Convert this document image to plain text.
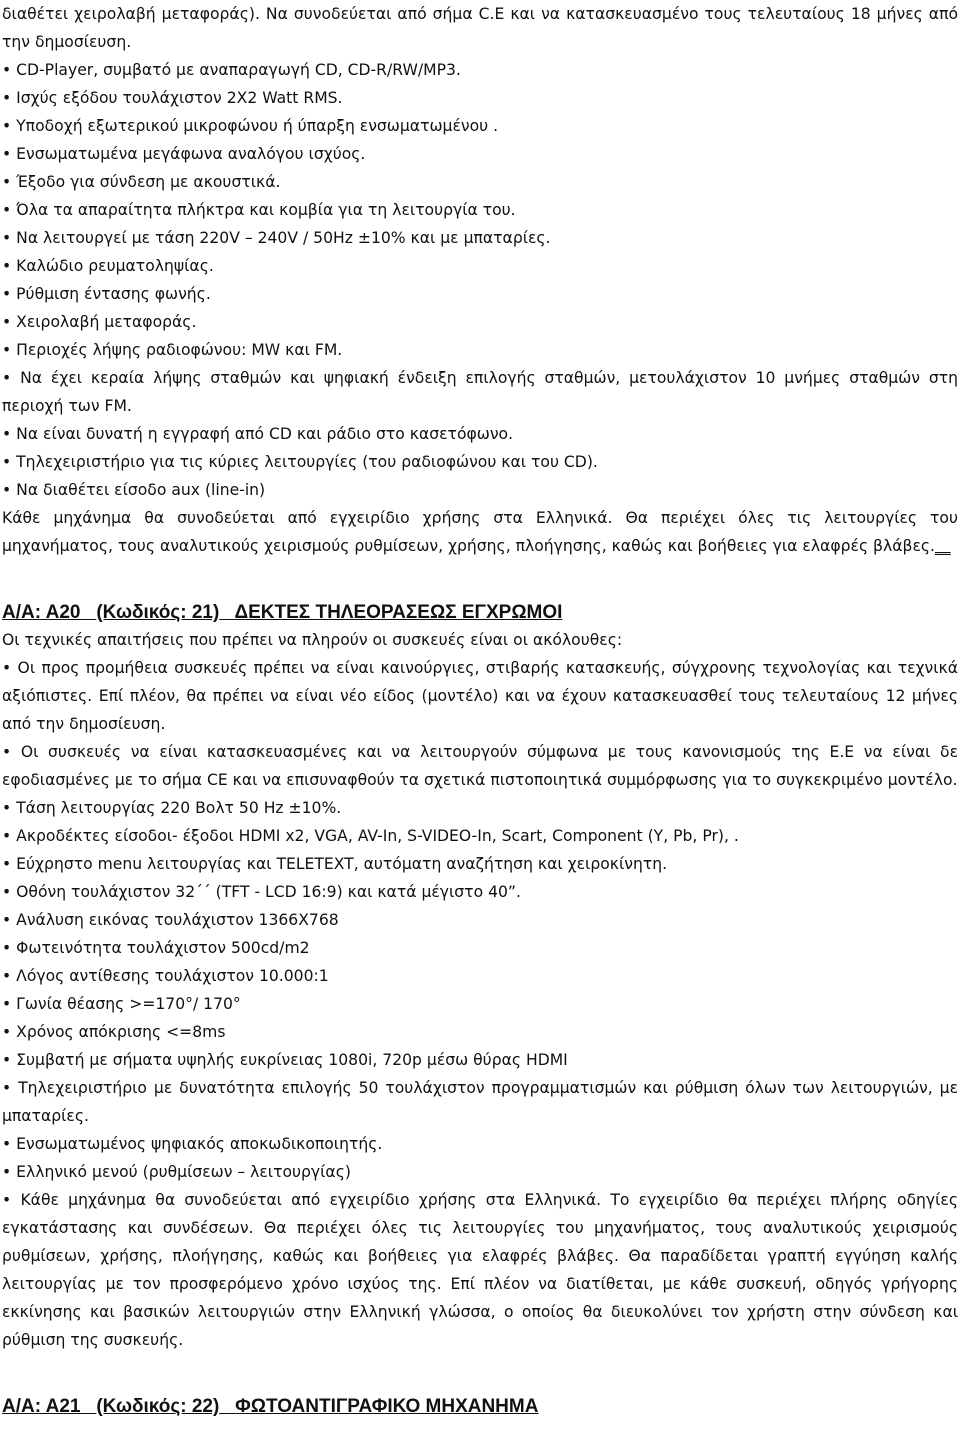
διαθέτει χειρολαβή μεταφοράς). Να συνοδεύεται από σήμα C.E και να κατασκευασμένο τους τελευταίους 18 μήνες από την δημοσίευση.

• CD-Player, συμβατό με αναπαραγωγή CD, CD-R/RW/MP3.

• Ισχύς εξόδου τουλάχιστον 2X2 Watt RMS.

• Υποδοχή εξωτερικού μικροφώνου ή ύπαρξη ενσωματωμένου .

• Ενσωματωμένα μεγάφωνα αναλόγου ισχύος.

• Έξοδο για σύνδεση με ακουστικά.

• Όλα τα απαραίτητα πλήκτρα και κομβία για τη λειτουργία του.

• Να λειτουργεί με τάση 220V – 240V / 50Hz ±10% και με μπαταρίες.

• Καλώδιο ρευματοληψίας.

• Ρύθμιση έντασης φωνής.

• Χειρολαβή μεταφοράς.

• Περιοχές λήψης ραδιοφώνου: MW και FM.

• Να έχει κεραία λήψης σταθμών και ψηφιακή ένδειξη επιλογής σταθμών, μετουλάχιστον 10 μνήμες σταθμών στη περιοχή των FM.

• Να είναι δυνατή η εγγραφή από CD και ράδιο στο κασετόφωνο.

• Τηλεχειριστήριο για τις κύριες λειτουργίες (του ραδιοφώνου και του CD).

• Να διαθέτει είσοδο aux (line-in)

Κάθε μηχάνημα θα συνοδεύεται από εγχειρίδιο χρήσης στα Ελληνικά. Θα περιέχει όλες τις λειτουργίες του μηχανήματος, τους αναλυτικούς χειρισμούς ρυθμίσεων, χρήσης, πλοήγησης, καθώς και βοήθειες για ελαφρές βλάβες.__

Α/Α: Α20 (Κωδικός: 21) ΔΕΚΤΕΣ ΤΗΛΕΟΡΑΣΕΩΣ ΕΓΧΡΩΜΟΙ

Οι τεχνικές απαιτήσεις που πρέπει να πληρούν οι συσκευές είναι οι ακόλουθες:

• Οι προς προμήθεια συσκευές πρέπει να είναι καινούργιες, στιβαρής κατασκευής, σύγχρονης τεχνολογίας και τεχνικά αξιόπιστες. Επί πλέον, θα πρέπει να είναι νέο είδος (μοντέλο) και να έχουν κατασκευασθεί τους τελευταίους 12 μήνες από την δημοσίευση.

• Οι συσκευές να είναι κατασκευασμένες και να λειτουργούν σύμφωνα με τους κανονισμούς της Ε.Ε να είναι δε εφοδιασμένες με το σήμα CE και να επισυναφθούν τα σχετικά πιστοποιητικά συμμόρφωσης για το συγκεκριμένο μοντέλο.

• Τάση λειτουργίας 220 Βολτ 50 Hz ±10%.

• Ακροδέκτες είσοδοι- έξοδοι HDMI x2, VGA, AV-In, S-VIDEO-In, Scart, Component (Y, Pb, Pr), .

• Εύχρηστο menu λειτουργίας και TELETEXT, αυτόματη αναζήτηση και χειροκίνητη.

• Οθόνη τουλάχιστον 32΄΄ (TFT - LCD 16:9) και κατά μέγιστο 40”.

• Ανάλυση εικόνας τουλάχιστον 1366Χ768

• Φωτεινότητα τουλάχιστον 500cd/m2

• Λόγος αντίθεσης τουλάχιστον 10.000:1

• Γωνία θέασης >=170°/ 170°

• Χρόνος απόκρισης <=8ms

• Συμβατή με σήματα υψηλής ευκρίνειας 1080i, 720p μέσω θύρας HDMI

• Τηλεχειριστήριο με δυνατότητα επιλογής 50 τουλάχιστον προγραμματισμών και ρύθμιση όλων των λειτουργιών, με μπαταρίες.

• Ενσωματωμένος ψηφιακός αποκωδικοποιητής.

• Ελληνικό μενού (ρυθμίσεων – λειτουργίας)

• Κάθε μηχάνημα θα συνοδεύεται από εγχειρίδιο χρήσης στα Ελληνικά. Το εγχειρίδιο θα περιέχει πλήρης οδηγίες εγκατάστασης και συνδέσεων. Θα περιέχει όλες τις λειτουργίες του μηχανήματος, τους αναλυτικούς χειρισμούς ρυθμίσεων, χρήσης, πλοήγησης, καθώς και βοήθειες για ελαφρές βλάβες. Θα παραδίδεται γραπτή εγγύηση καλής λειτουργίας με τον προσφερόμενο χρόνο ισχύος της. Επί πλέον να διατίθεται, με κάθε συσκευή, οδηγός γρήγορης εκκίνησης και βασικών λειτουργιών στην Ελληνική γλώσσα, ο οποίος θα διευκολύνει τον χρήστη στην σύνδεση και ρύθμιση της συσκευής.

Α/Α: Α21 (Κωδικός: 22) ΦΩΤΟΑΝΤΙΓΡΑΦΙΚΟ ΜΗΧΑΝΗΜΑ
